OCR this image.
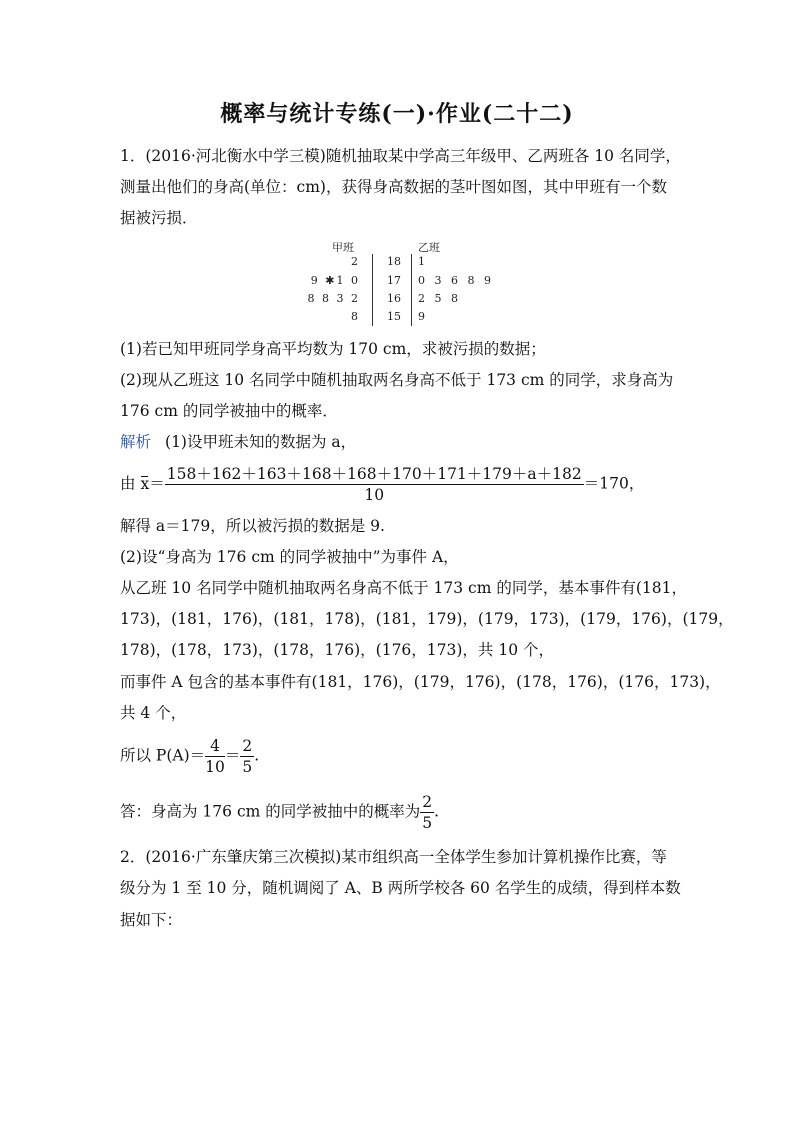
概率与统计专练(一)·作业(二十二)
1．(2016·河北衡水中学三模)随机抽取某中学高三年级甲、乙两班各 10 名同学，
测量出他们的身高(单位：cm)，获得身高数据的茎叶图如图，其中甲班有一个数
据被污损．
甲班	乙班
2 18 1
9 ✱1 0 17 0 3 6 8 9
8 8 3 2 16 2 5 8
8 15 9
(1)若已知甲班同学身高平均数为 170 cm，求被污损的数据；
(2)现从乙班这 10 名同学中随机抽取两名身高不低于 173 cm 的同学，求身高为
176 cm 的同学被抽中的概率．
解析 (1)设甲班未知的数据为 a，
由 $x= \frac{158+162+163+168+168+170+171+179+a+182}{10} =170$，
解得 a＝179，所以被污损的数据是 9.
(2)设“身高为 176 cm 的同学被抽中”为事件 A，
从乙班 10 名同学中随机抽取两名身高不低于 173 cm 的同学，基本事件有(181，
173)，(181，176)，(181，178)，(181，179)，(179，173)，(179，176)，(179，
178)，(178，173)，(178，176)，(176，173)，共 10 个，
而事件 A 包含的基本事件有(181，176)，(179，176)，(178，176)，(176，173)，
共 4 个，
所以 $P(A)= \frac{4}{10} = \frac{2}{5}$ .
答：身高为 176 cm 的同学被抽中的概率为 $\frac{2}{5}$ .
2．(2016·广东肇庆第三次模拟)某市组织高一全体学生参加计算机操作比赛，等
级分为 1 至 10 分，随机调阅了 A、B 两所学校各 60 名学生的成绩，得到样本数
据如下：
